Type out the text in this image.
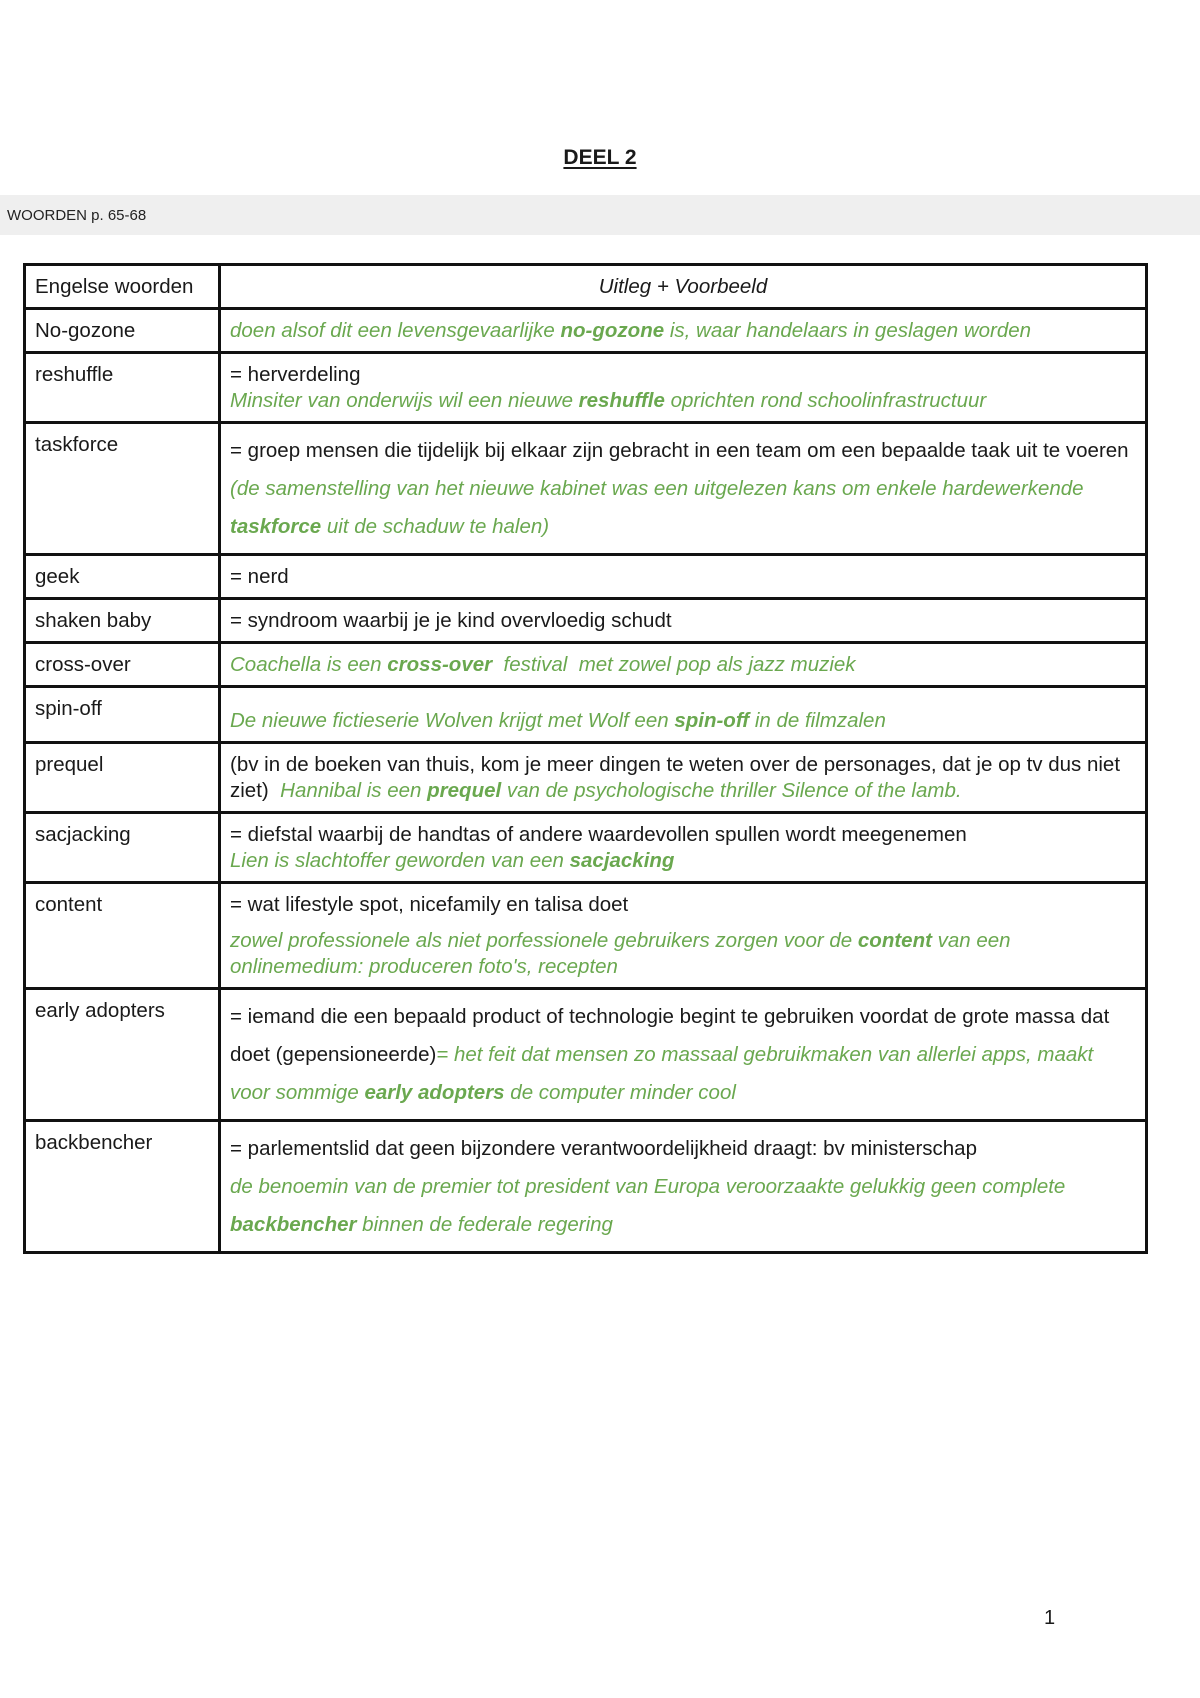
DEEL 2
WOORDEN p. 65-68
Engelse woorden	Uitleg + Voorbeeld
No-gozone	doen alsof dit een levensgevaarlijke no-gozone is, waar handelaars in geslagen worden
reshuffle	= herverdeling
Minsiter van onderwijs wil een nieuwe reshuffle oprichten rond schoolinfrastructuur

taskforce	= groep mensen die tijdelijk bij elkaar zijn gebracht in een team om een bepaalde taak uit te voeren (de samenstelling van het nieuwe kabinet was een uitgelezen kans om enkele hardewerkende taskforce uit de schaduw te halen)
geek	= nerd
shaken baby	= syndroom waarbij je je kind overvloedig schudt
cross-over	Coachella is een cross-over  festival  met zowel pop als jazz muziek
spin-off	De nieuwe fictieserie Wolven krijgt met Wolf een spin-off in de filmzalen
prequel	(bv in de boeken van thuis, kom je meer dingen te weten over de personages, dat je op tv dus niet ziet) Hannibal is een prequel van de psychologische thriller Silence of the lamb.
sacjacking	= diefstal waarbij de handtas of andere waardevollen spullen wordt meegenemen
Lien is slachtoffer geworden van een sacjacking

content	= wat lifestyle spot, nicefamily en talisa doet
zowel professionele als niet porfessionele gebruikers zorgen voor de content van een onlinemedium: produceren foto's, recepten

early adopters	= iemand die een bepaald product of technologie begint te gebruiken voordat de grote massa dat doet (gepensioneerde)= het feit dat mensen zo massaal gebruikmaken van allerlei apps, maakt voor sommige early adopters de computer minder cool
backbencher	= parlementslid dat geen bijzondere verantwoordelijkheid draagt: bv ministerschap
de benoemin van de premier tot president van Europa veroorzaakte gelukkig geen complete backbencher binnen de federale regering
1
